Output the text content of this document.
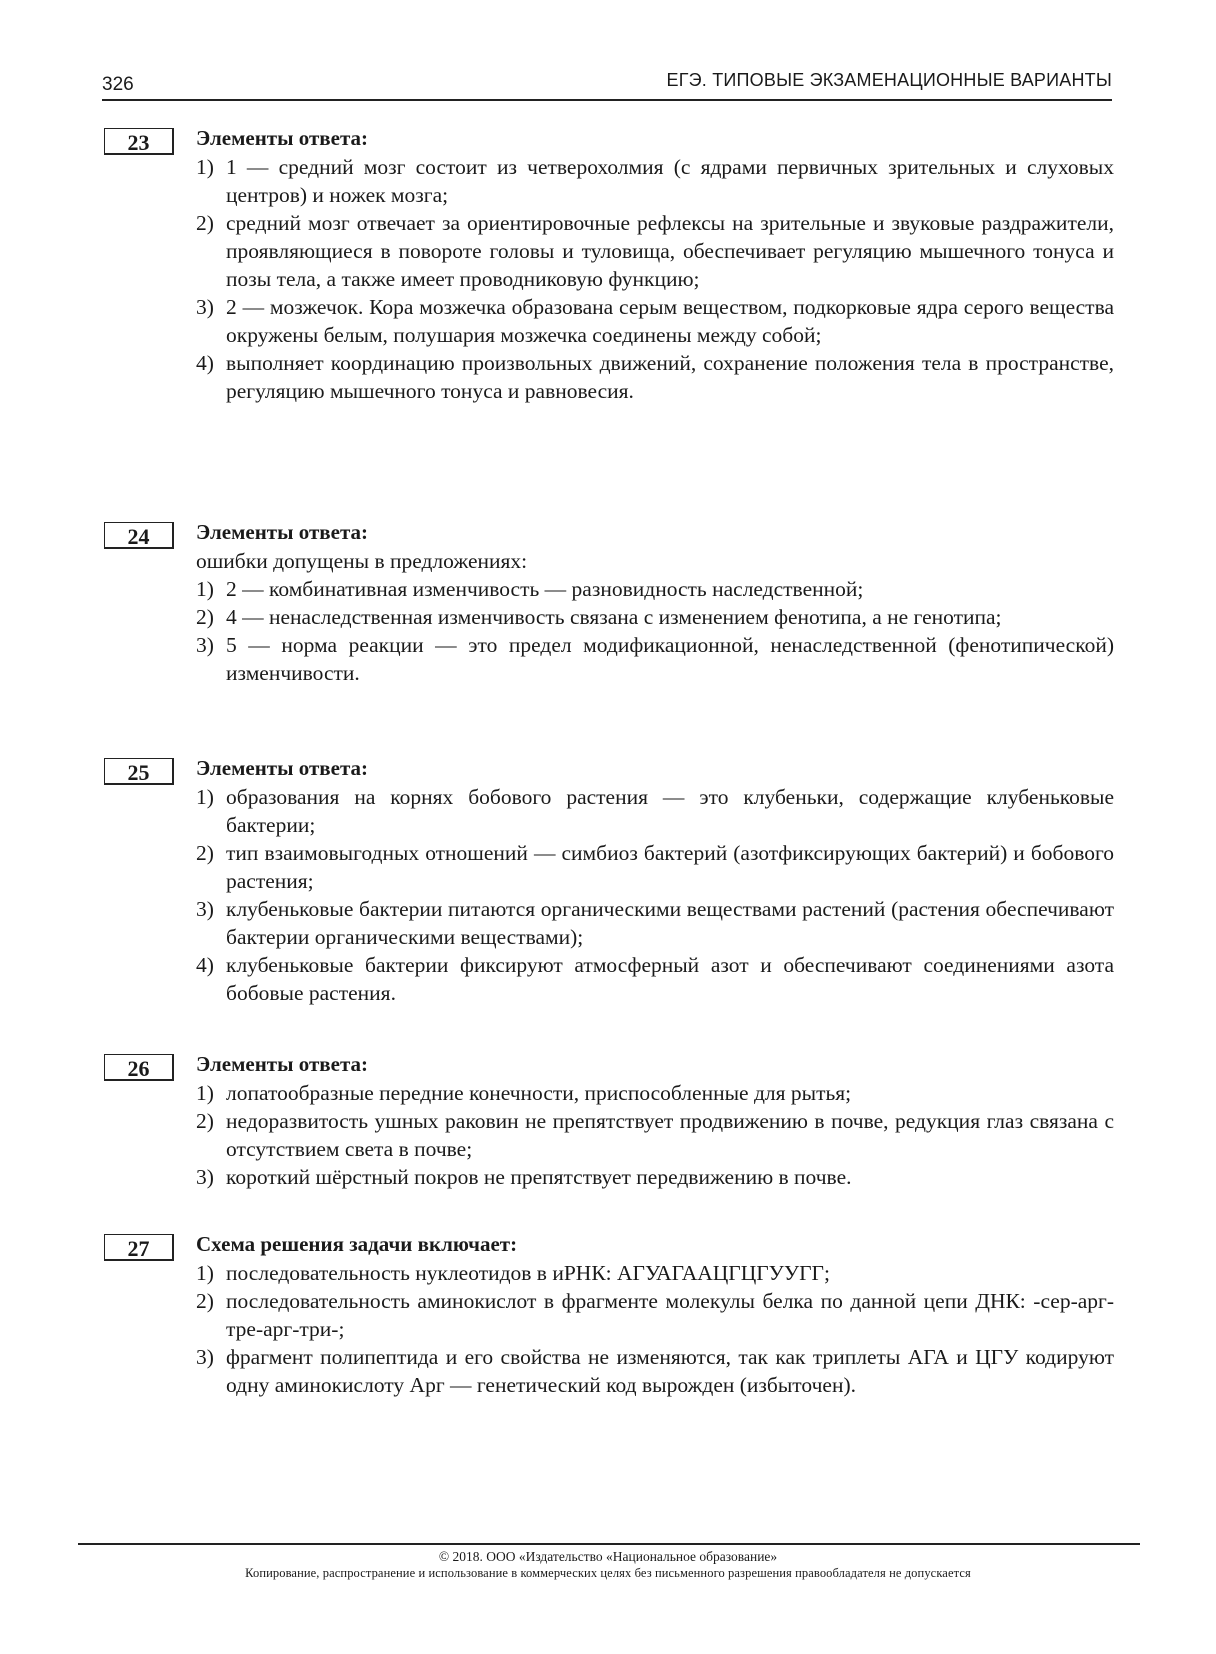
326	ЕГЭ. ТИПОВЫЕ ЭКЗАМЕНАЦИОННЫЕ ВАРИАНТЫ
23	Элементы ответа:
1) 1 — средний мозг состоит из четверохолмия (с ядрами первичных зрительных и слуховых центров) и ножек мозга;
2) средний мозг отвечает за ориентировочные рефлексы на зрительные и звуковые раздражители, проявляющиеся в повороте головы и туловища, обеспечивает регуляцию мышечного тонуса и позы тела, а также имеет проводниковую функцию;
3) 2 — мозжечок. Кора мозжечка образована серым веществом, подкорковые ядра серого вещества окружены белым, полушария мозжечка соединены между собой;
4) выполняет координацию произвольных движений, сохранение положения тела в пространстве, регуляцию мышечного тонуса и равновесия.
24	Элементы ответа:

ошибки допущены в предложениях:

1) 2 — комбинативная изменчивость — разновидность наследственной;
2) 4 — ненаследственная изменчивость связана с изменением фенотипа, а не генотипа;
3) 5 — норма реакции — это предел модификационной, ненаследственной (фенотипической) изменчивости.
25	Элементы ответа:
1) образования на корнях бобового растения — это клубеньки, содержащие клубеньковые бактерии;
2) тип взаимовыгодных отношений — симбиоз бактерий (азотфиксирующих бактерий) и бобового растения;
3) клубеньковые бактерии питаются органическими веществами растений (растения обеспечивают бактерии органическими веществами);
4) клубеньковые бактерии фиксируют атмосферный азот и обеспечивают соединениями азота бобовые растения.
26	Элементы ответа:
1) лопатообразные передние конечности, приспособленные для рытья;
2) недоразвитость ушных раковин не препятствует продвижению в почве, редукция глаз связана с отсутствием света в почве;
3) короткий шёрстный покров не препятствует передвижению в почве.
27	Схема решения задачи включает:
1) последовательность нуклеотидов в иРНК: АГУАГААЦГЦГУУГГ;
2) последовательность аминокислот в фрагменте молекулы белка по данной цепи ДНК: -сер-арг-тре-арг-три-;
3) фрагмент полипептида и его свойства не изменяются, так как триплеты АГА и ЦГУ кодируют одну аминокислоту Арг — генетический код вырожден (избыточен).
© 2018. ООО «Издательство «Национальное образование»
Копирование, распространение и использование в коммерческих целях без письменного разрешения правообладателя не допускается
